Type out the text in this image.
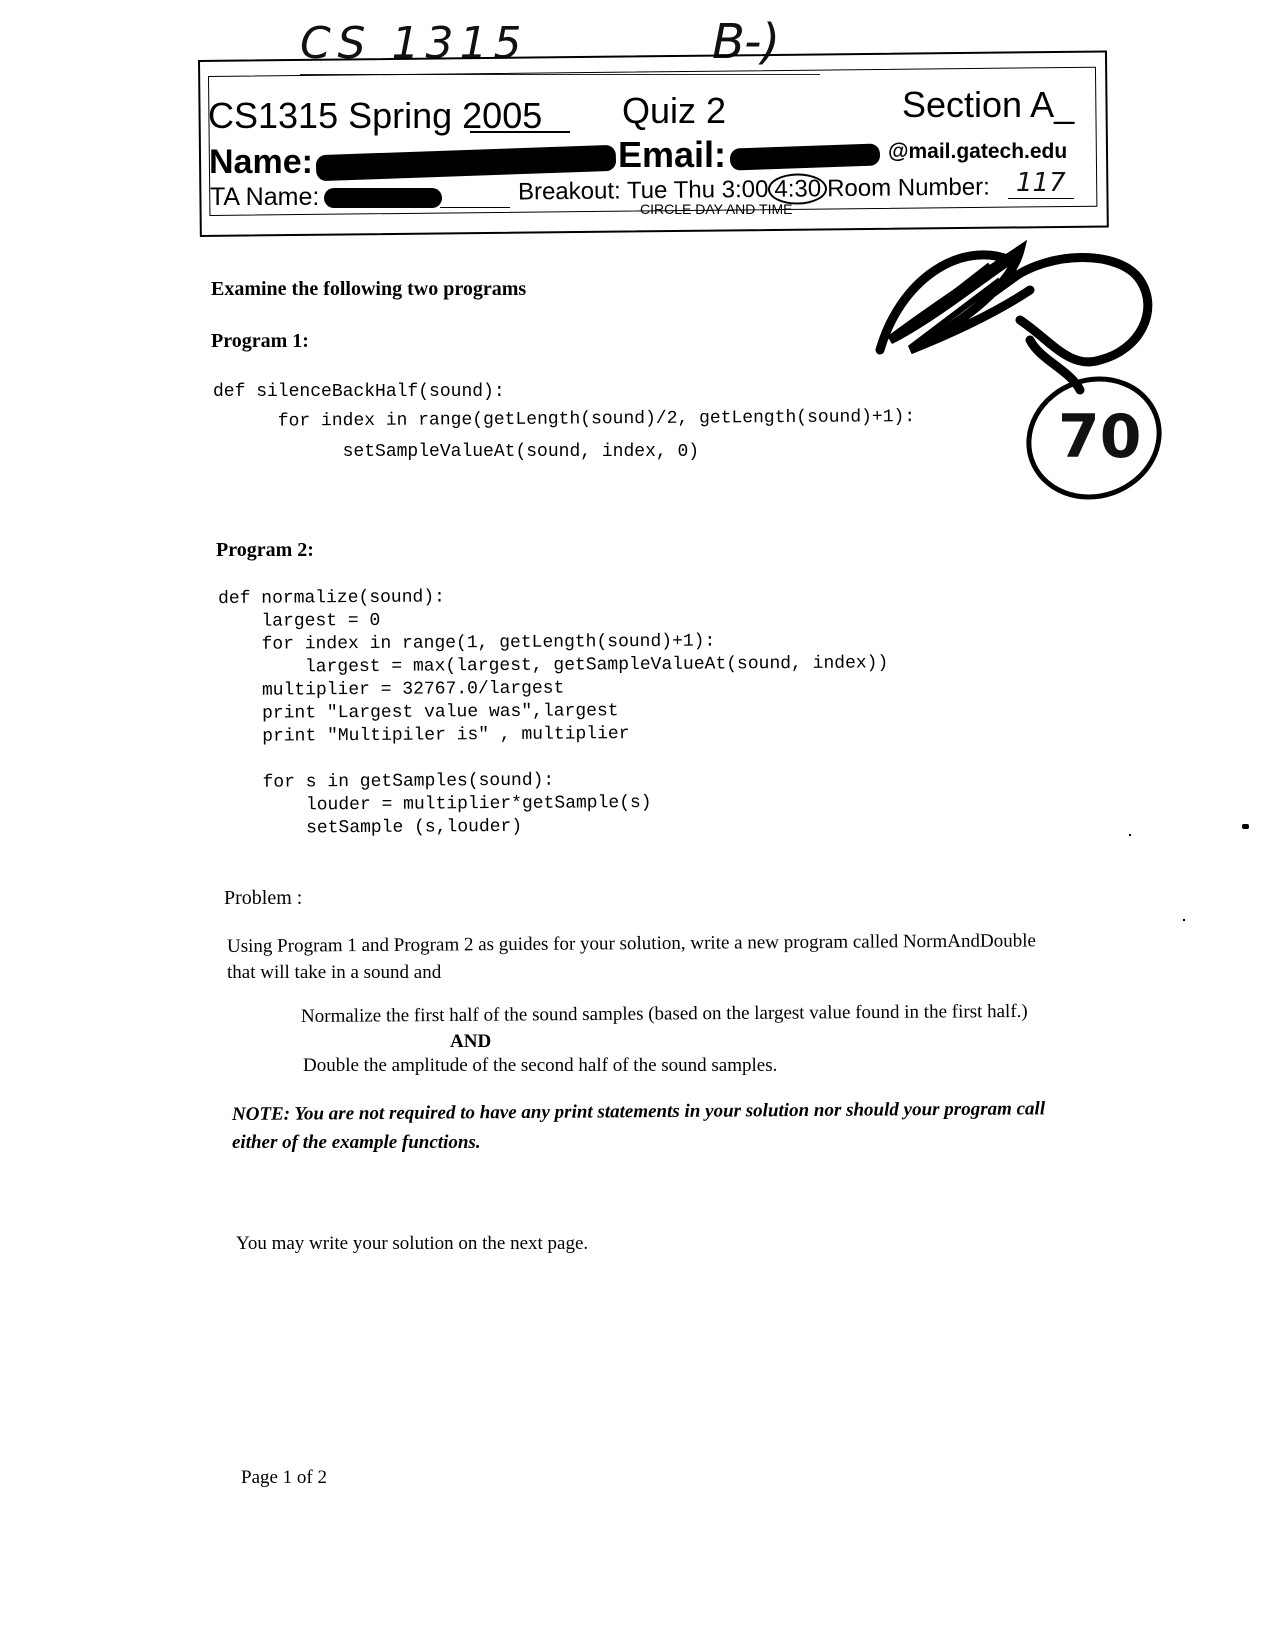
CS 1315	B-)
CS1315 Spring 2005 Quiz 2	Section A_
Name:	Email:	@mail.gatech.edu
TA Name:	Breakout: Tue Thu 3:00 4:30 Room Number:	117
CIRCLE DAY AND TIME
70
Examine the following two programs
Program 1:
def silenceBackHalf(sound):
for index in range(getLength(sound)/2, getLength(sound)+1):
setSampleValueAt(sound, index, 0)
Program 2:
def normalize(sound):
largest = 0
for index in range(1, getLength(sound)+1):
largest = max(largest, getSampleValueAt(sound, index))
multiplier = 32767.0/largest
print "Largest value was",largest
print "Multipiler is" , multiplier
for s in getSamples(sound):
louder = multiplier*getSample(s)
setSample (s,louder)
Problem :
Using Program 1 and Program 2 as guides for your solution, write a new program called NormAndDouble
that will take in a sound and
Normalize the first half of the sound samples (based on the largest value found in the first half.)
AND
Double the amplitude of the second half of the sound samples.
NOTE: You are not required to have any print statements in your solution nor should your program call
either of the example functions.
You may write your solution on the next page.
Page 1 of 2
